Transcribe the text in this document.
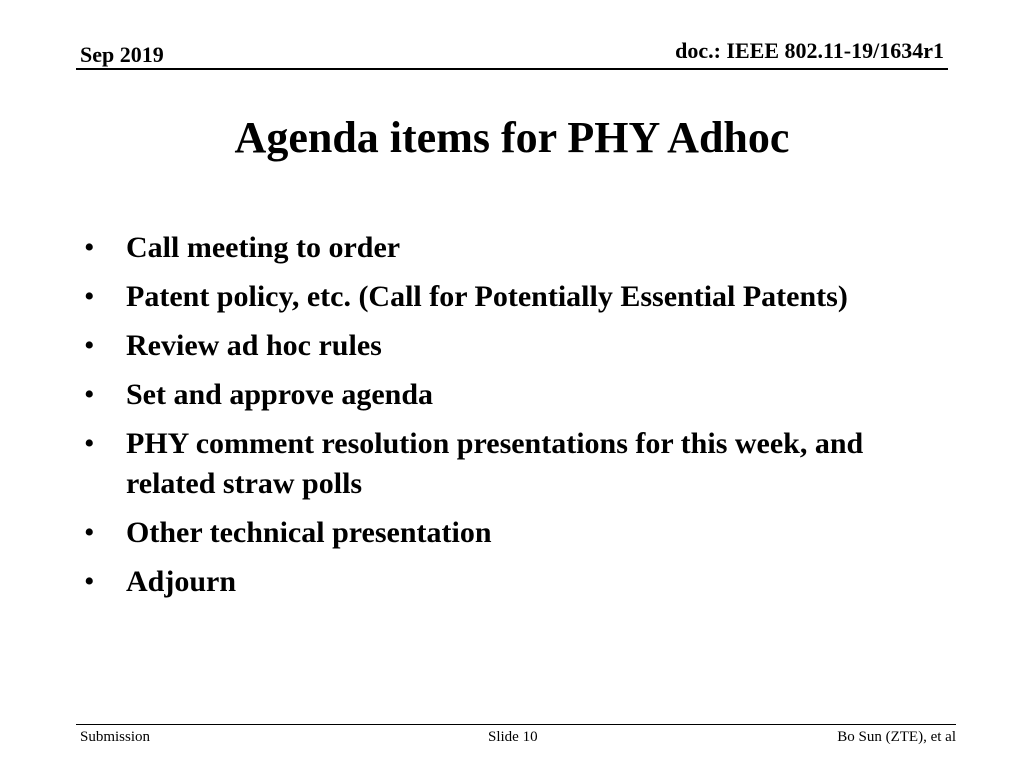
Sep 2019	doc.: IEEE 802.11-19/1634r1
Agenda items for PHY Adhoc
•	Call meeting to order
•	Patent policy, etc. (Call for Potentially Essential Patents)
•	Review ad hoc rules
•	Set and approve agenda
•	PHY comment resolution presentations for this week, and related straw polls
•	Other technical presentation
•	Adjourn
Submission	Slide 10	Bo Sun (ZTE), et al
